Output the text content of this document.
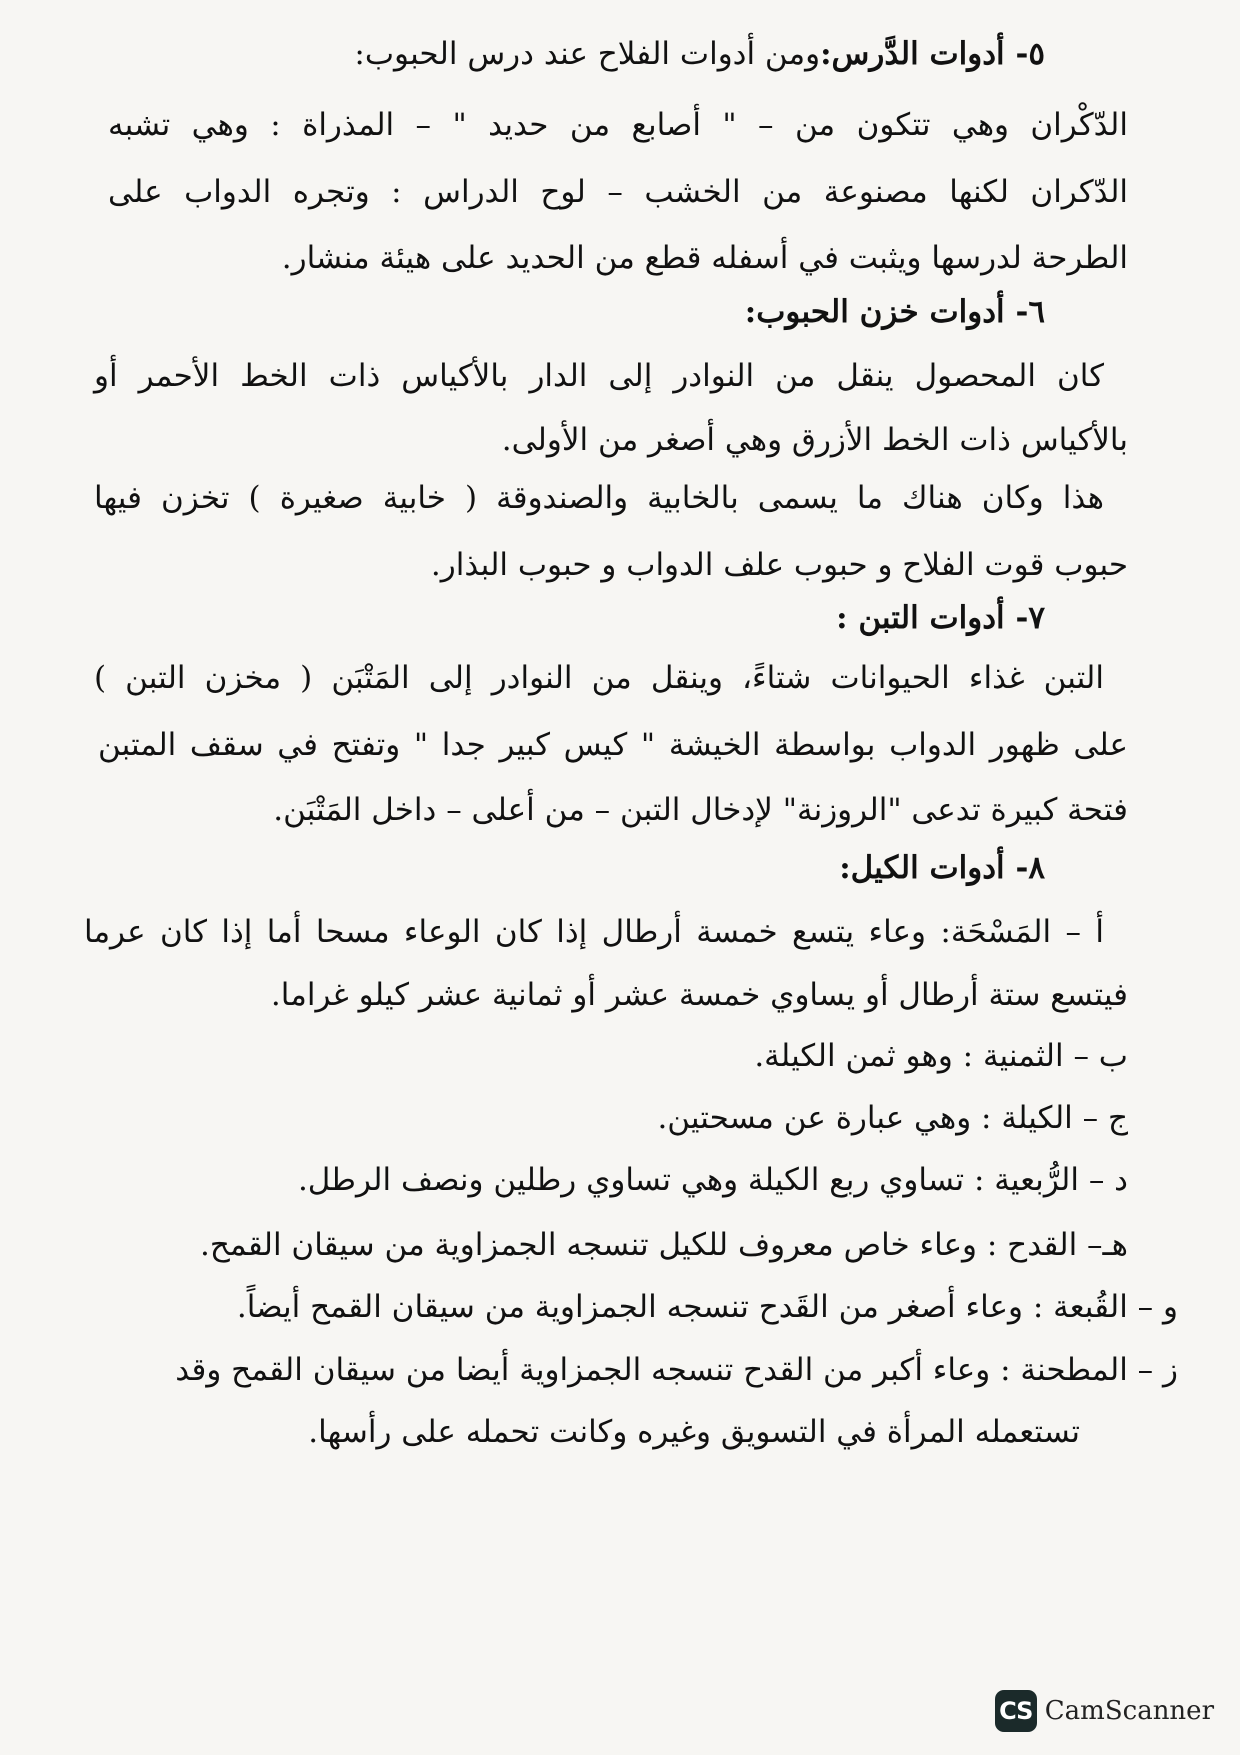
٥- أدوات الدَّرس:ومن أدوات الفلاح عند درس الحبوب:
الدّكْران وهي تتكون من – " أصابع من حديد " – المذراة : وهي تشبه
الدّكران لكنها مصنوعة من الخشب – لوح الدراس : وتجره الدواب على
الطرحة لدرسها ويثبت في أسفله قطع من الحديد على هيئة منشار.
٦- أدوات خزن الحبوب:
كان المحصول ينقل من النوادر إلى الدار بالأكياس ذات الخط الأحمر أو
بالأكياس ذات الخط الأزرق وهي أصغر من الأولى.
هذا وكان هناك ما يسمى بالخابية والصندوقة ( خابية صغيرة ) تخزن فيها
حبوب قوت الفلاح و حبوب علف الدواب و حبوب البذار.
٧- أدوات التبن :
التبن غذاء الحيوانات شتاءً، وينقل من النوادر إلى المَتْبَن ( مخزن التبن )
على ظهور الدواب بواسطة الخيشة " كيس كبير جدا " وتفتح في سقف المتبن
فتحة كبيرة تدعى "الروزنة" لإدخال التبن – من أعلى – داخل المَتْبَن.
٨- أدوات الكيل:
أ – المَسْحَة: وعاء يتسع خمسة أرطال إذا كان الوعاء مسحا أما إذا كان عرما
فيتسع ستة أرطال أو يساوي خمسة عشر أو ثمانية عشر كيلو غراما.
ب – الثمنية : وهو ثمن الكيلة.
ج – الكيلة : وهي عبارة عن مسحتين.
د – الرُّبعية : تساوي ربع الكيلة وهي تساوي رطلين ونصف الرطل.
هـ– القدح : وعاء خاص معروف للكيل تنسجه الجمزاوية من سيقان القمح.
و – القُبعة : وعاء أصغر من القَدح تنسجه الجمزاوية من سيقان القمح أيضاً.
ز – المطحنة : وعاء أكبر من القدح تنسجه الجمزاوية أيضا من سيقان القمح وقد
تستعمله المرأة في التسويق وغيره وكانت تحمله على رأسها.
CS CamScanner
